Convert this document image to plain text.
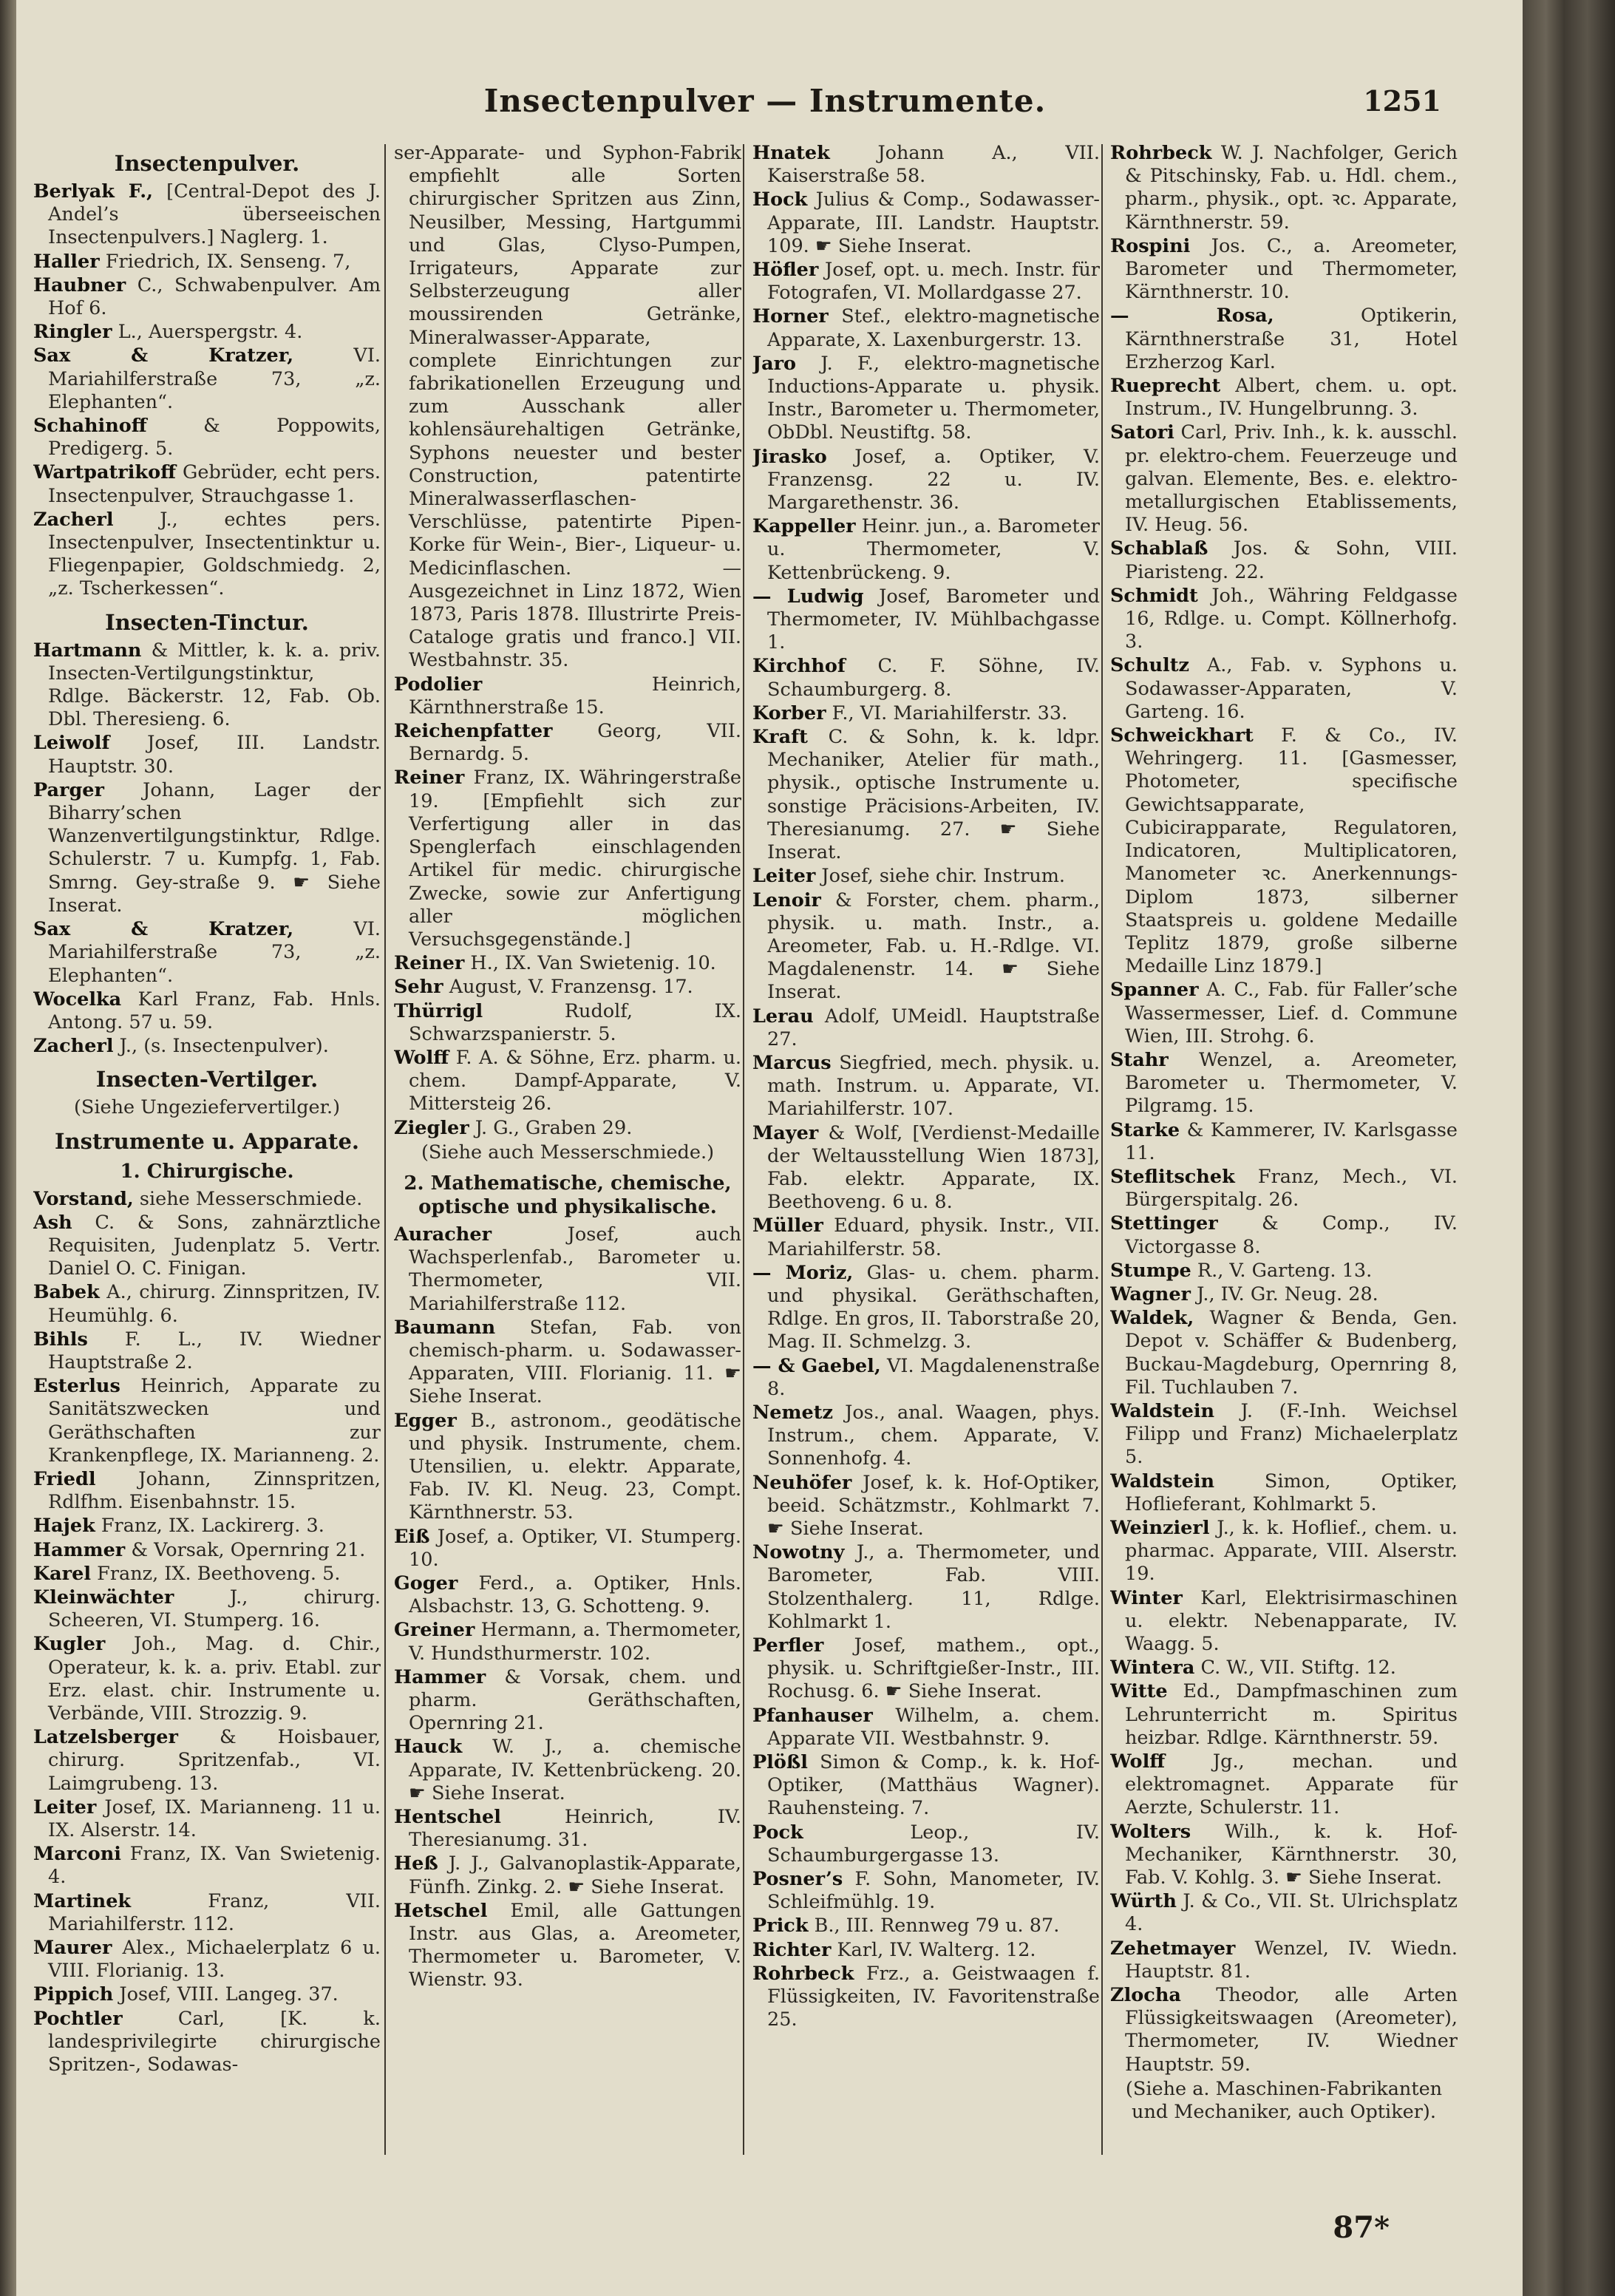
Insectenpulver — Instrumente.	1251
Insectenpulver.
Berlyak F., [Central-Depot des J. Andel’s überseeischen Insectenpulvers.] Naglerg. 1.
Haller Friedrich, IX. Senseng. 7,
Haubner C., Schwabenpulver. Am Hof 6.
Ringler L., Auerspergstr. 4.
Sax & Kratzer,	VI. Mariahilferstraße 73, „z. Elephanten“.
Schahinoff	& Poppowits, Predigerg. 5.
Wartpatrikoff Gebrüder, echt pers. Insectenpulver, Strauchgasse 1.
Zacherl J., echtes pers. Insectenpulver, Insectentinktur u. Fliegenpapier, Goldschmiedg. 2, „z. Tscherkessen“.
Insecten-Tinctur.
Hartmann & Mittler, k. k. a. priv. Insecten-Vertilgungstinktur, Rdlge. Bäckerstr. 12, Fab. Ob. Dbl. Theresieng. 6.
Leiwolf Josef, III. Landstr. Hauptstr. 30.
Parger Johann, Lager der Biharry’schen Wanzenvertilgungstinktur, Rdlge. Schulerstr. 7 u. Kumpfg. 1, Fab. Smrng. Gey-straße 9. ☛ Siehe Inserat.
Sax & Kratzer,	VI. Mariahilferstraße 73, „z. Elephanten“.
Wocelka Karl Franz, Fab. Hnls. Antong. 57 u. 59.
Zacherl J., (s. Insectenpulver).
Insecten-Vertilger.
(Siehe Ungeziefervertilger.)
Instrumente u. Apparate.
1. Chirurgische.
Vorstand, siehe Messerschmiede.
Ash C. & Sons, zahnärztliche Requisiten, Judenplatz 5. Vertr. Daniel O. C. Finigan.
Babek A., chirurg. Zinnspritzen, IV. Heumühlg. 6.
Bihls F. L., IV. Wiedner Hauptstraße 2.
Esterlus Heinrich, Apparate zu Sanitätszwecken und Geräthschaften zur Krankenpflege, IX. Marianneng. 2.
Friedl Johann, Zinnspritzen, Rdlfhm. Eisenbahnstr. 15.
Hajek Franz, IX. Lackirerg. 3.
Hammer & Vorsak, Opernring 21.
Karel Franz, IX. Beethoveng. 5.
Kleinwächter	J., chirurg. Scheeren, VI. Stumperg. 16.
Kugler Joh., Mag. d. Chir., Operateur, k. k. a. priv. Etabl. zur Erz. elast. chir. Instrumente u. Verbände, VIII. Strozzig. 9.
Latzelsberger & Hoisbauer, chirurg. Spritzenfab., VI. Laimgrubeng. 13.
Leiter Josef, IX. Marianneng. 11 u. IX. Alserstr. 14.
Marconi Franz, IX. Van Swietenig. 4.
Martinek	Franz, VII. Mariahilferstr. 112.
Maurer Alex., Michaelerplatz 6 u. VIII. Florianig. 13.
Pippich Josef, VIII. Langeg. 37.
Pochtler	Carl, [K. k. landesprivilegirte chirurgische Spritzen-, Sodawas-
ser-Apparate- und Syphon-Fabrik empfiehlt alle Sorten chirurgischer Spritzen aus Zinn, Neusilber, Messing, Hartgummi und Glas, Clyso-Pumpen, Irrigateurs, Apparate zur Selbsterzeugung aller moussirenden Getränke, Mineralwasser-Apparate, complete Einrichtungen zur fabrikationellen Erzeugung und zum Ausschank aller kohlensäurehaltigen Getränke, Syphons neuester und bester Construction, patentirte Mineralwasserflaschen-Verschlüsse, patentirte Pipen-Korke für Wein-, Bier-, Liqueur- u. Medicinflaschen. — Ausgezeichnet in Linz 1872, Wien 1873, Paris 1878. Illustrirte Preis-Cataloge gratis und franco.] VII. Westbahnstr. 35.
Podolier	Heinrich, Kärnthnerstraße 15.
Reichenpfatter Georg, VII. Bernardg. 5.
Reiner Franz, IX. Währingerstraße 19. [Empfiehlt sich zur Verfertigung aller in das Spenglerfach einschlagenden Artikel für medic. chirurgische Zwecke, sowie zur Anfertigung aller möglichen Versuchsgegenstände.]
Reiner H., IX. Van Swietenig. 10.
Sehr August, V. Franzensg. 17.
Thürrigl	Rudolf, IX. Schwarzspanierstr. 5.
Wolff F. A. & Söhne, Erz. pharm. u. chem. Dampf-Apparate, V. Mittersteig 26.
Ziegler J. G., Graben 29.
(Siehe auch Messerschmiede.)
2. Mathematische, chemische, optische und physikalische.
Auracher	Josef, auch Wachsperlenfab., Barometer u. Thermometer, VII. Mariahilferstraße 112.
Baumann Stefan, Fab. von chemisch-pharm. u. Sodawasser-Apparaten, VIII. Florianig. 11. ☛ Siehe Inserat.
Egger B., astronom., geodätische und physik. Instrumente, chem. Utensilien, u. elektr. Apparate, Fab. IV. Kl. Neug. 23, Compt. Kärnthnerstr. 53.
Eiß Josef, a. Optiker, VI. Stumperg. 10.
Goger Ferd., a. Optiker, Hnls. Alsbachstr. 13, G. Schotteng. 9.
Greiner Hermann, a. Thermometer, V. Hundsthurmerstr. 102.
Hammer & Vorsak, chem. und pharm. Geräthschaften, Opernring 21.
Hauck W. J., a. chemische Apparate, IV. Kettenbrückeng. 20. ☛ Siehe Inserat.
Hentschel	Heinrich, IV. Theresianumg. 31.
Heß J. J., Galvanoplastik-Apparate, Fünfh. Zinkg. 2. ☛ Siehe Inserat.
Hetschel Emil, alle Gattungen Instr. aus Glas, a. Areometer, Thermometer u. Barometer, V. Wienstr. 93.
Hnatek	Johann A., VII. Kaiserstraße 58.
Hock Julius & Comp., Sodawasser-Apparate, III. Landstr. Hauptstr. 109. ☛ Siehe Inserat.
Höfler Josef, opt. u. mech. Instr. für Fotografen, VI. Mollardgasse 27.
Horner Stef., elektro-magnetische Apparate, X. Laxenburgerstr. 13.
Jaro J. F., elektro-magnetische Inductions-Apparate u. physik. Instr., Barometer u. Thermometer, ObDbl. Neustiftg. 58.
Jirasko Josef, a. Optiker, V. Franzensg. 22 u. IV. Margarethenstr. 36.
Kappeller Heinr. jun., a. Barometer u. Thermometer, V. Kettenbrückeng. 9.
— Ludwig Josef, Barometer und Thermometer, IV. Mühlbachgasse 1.
Kirchhof C. F. Söhne, IV. Schaumburgerg. 8.
Korber F., VI. Mariahilferstr. 33.
Kraft C. & Sohn, k. k. ldpr. Mechaniker, Atelier für math., physik., optische Instrumente u. sonstige Präcisions-Arbeiten, IV. Theresianumg. 27. ☛ Siehe Inserat.
Leiter Josef, siehe chir. Instrum.
Lenoir & Forster, chem. pharm., physik. u. math. Instr., a. Areometer, Fab. u. H.-Rdlge. VI. Magdalenenstr. 14. ☛ Siehe Inserat.
Lerau Adolf, UMeidl. Hauptstraße 27.
Marcus Siegfried, mech. physik. u. math. Instrum. u. Apparate, VI. Mariahilferstr. 107.
Mayer & Wolf, [Verdienst-Medaille der Weltausstellung Wien 1873], Fab. elektr. Apparate, IX. Beethoveng. 6 u. 8.
Müller Eduard, physik. Instr., VII. Mariahilferstr. 58.
— Moriz, Glas- u. chem. pharm. und physikal. Geräthschaften, Rdlge. En gros, II. Taborstraße 20, Mag. II. Schmelzg. 3.
— & Gaebel, VI. Magdalenenstraße 8.
Nemetz Jos., anal. Waagen, phys. Instrum., chem. Apparate, V. Sonnenhofg. 4.
Neuhöfer Josef, k. k. Hof-Optiker, beeid. Schätzmstr., Kohlmarkt 7. ☛ Siehe Inserat.
Nowotny J., a. Thermometer, und Barometer, Fab. VIII. Stolzenthalerg. 11, Rdlge. Kohlmarkt 1.
Perfler Josef, mathem., opt., physik. u. Schriftgießer-Instr., III. Rochusg. 6. ☛ Siehe Inserat.
Pfanhauser Wilhelm, a. chem. Apparate VII. Westbahnstr. 9.
Plößl Simon & Comp., k. k. Hof-Optiker, (Matthäus Wagner). Rauhensteing. 7.
Pock	Leop., IV. Schaumburgergasse 13.
Posner’s F. Sohn, Manometer, IV. Schleifmühlg. 19.
Prick B., III. Rennweg 79 u. 87.
Richter Karl, IV. Walterg. 12.
Rohrbeck Frz., a. Geistwaagen f. Flüssigkeiten, IV. Favoritenstraße 25.
Rohrbeck W. J. Nachfolger, Gerich & Pitschinsky, Fab. u. Hdl. chem., pharm., physik., opt. ꝛc. Apparate, Kärnthnerstr. 59.
Rospini Jos. C., a. Areometer, Barometer und Thermometer, Kärnthnerstr. 10.
— Rosa,	Optikerin, Kärnthnerstraße 31, Hotel Erzherzog Karl.
Rueprecht Albert, chem. u. opt. Instrum., IV. Hungelbrunng. 3.
Satori Carl, Priv. Inh., k. k. ausschl. pr. elektro-chem. Feuerzeuge und galvan. Elemente, Bes. e. elektro-metallurgischen Etablissements, IV. Heug. 56.
Schablaß Jos. & Sohn, VIII. Piaristeng. 22.
Schmidt Joh., Währing Feldgasse 16, Rdlge. u. Compt. Köllnerhofg. 3.
Schultz A., Fab. v. Syphons u. Sodawasser-Apparaten, V. Garteng. 16.
Schweickhart F. & Co., IV. Wehringerg. 11. [Gasmesser, Photometer, specifische Gewichtsapparate, Cubicirapparate, Regulatoren, Indicatoren, Multiplicatoren, Manometer ꝛc. Anerkennungs-Diplom 1873, silberner Staatspreis u. goldene Medaille Teplitz 1879, große silberne Medaille Linz 1879.]
Spanner A. C., Fab. für Faller’sche Wassermesser, Lief. d. Commune Wien, III. Strohg. 6.
Stahr Wenzel, a. Areometer, Barometer u. Thermometer, V. Pilgramg. 15.
Starke & Kammerer, IV. Karlsgasse 11.
Steflitschek Franz, Mech., VI. Bürgerspitalg. 26.
Stettinger & Comp., IV. Victorgasse 8.
Stumpe R., V. Garteng. 13.
Wagner J., IV. Gr. Neug. 28.
Waldek, Wagner & Benda, Gen. Depot v. Schäffer & Budenberg, Buckau-Magdeburg, Opernring 8, Fil. Tuchlauben 7.
Waldstein J. (F.-Inh. Weichsel Filipp und Franz) Michaelerplatz 5.
Waldstein	Simon, Optiker, Hoflieferant, Kohlmarkt 5.
Weinzierl J., k. k. Hoflief., chem. u. pharmac. Apparate, VIII. Alserstr. 19.
Winter Karl, Elektrisirmaschinen u. elektr. Nebenapparate, IV. Waagg. 5.
Wintera C. W., VII. Stiftg. 12.
Witte Ed., Dampfmaschinen zum Lehrunterricht m. Spiritus heizbar. Rdlge. Kärnthnerstr. 59.
Wolff	Jg., mechan. und elektromagnet. Apparate für Aerzte, Schulerstr. 11.
Wolters Wilh., k. k. Hof-Mechaniker, Kärnthnerstr. 30, Fab. V. Kohlg. 3. ☛ Siehe Inserat.
Würth J. & Co., VII. St. Ulrichsplatz 4.
Zehetmayer Wenzel, IV. Wiedn. Hauptstr. 81.
Zlocha Theodor, alle Arten Flüssigkeitswaagen (Areometer), Thermometer, IV. Wiedner Hauptstr. 59.
(Siehe a. Maschinen-Fabrikanten und Mechaniker, auch Optiker).
87*
